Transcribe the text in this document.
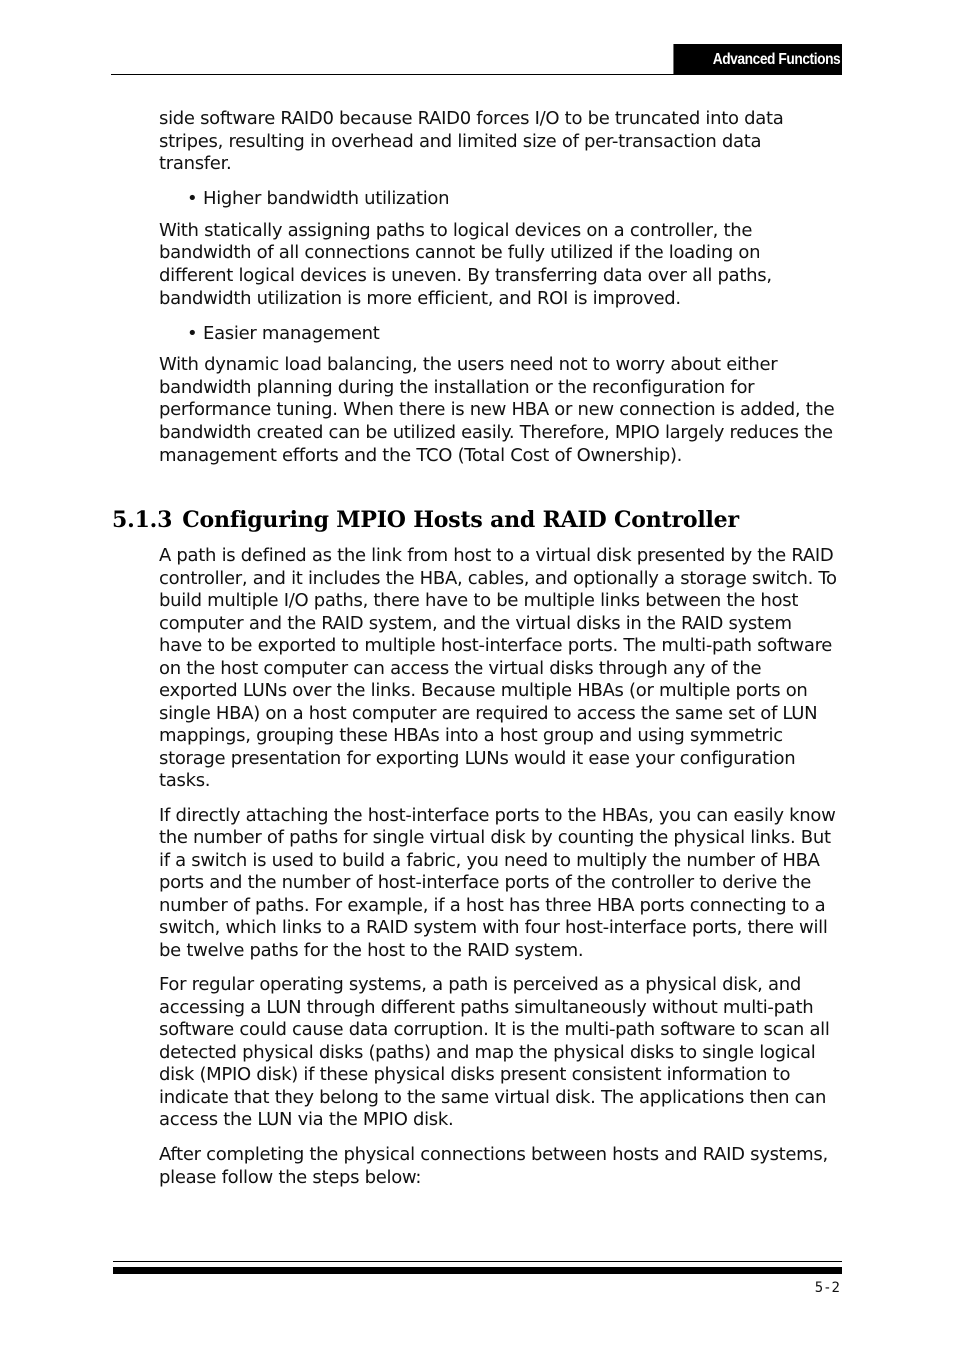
Advanced Functions

side software RAID0 because RAID0 forces I/O to be truncated into data stripes, resulting in overhead and limited size of per-transaction data transfer.

• Higher bandwidth utilization

With statically assigning paths to logical devices on a controller, the bandwidth of all connections cannot be fully utilized if the loading on different logical devices is uneven. By transferring data over all paths, bandwidth utilization is more efficient, and ROI is improved.

• Easier management

With dynamic load balancing, the users need not to worry about either bandwidth planning during the installation or the reconfiguration for performance tuning. When there is new HBA or new connection is added, the bandwidth created can be utilized easily. Therefore, MPIO largely reduces the management efforts and the TCO (Total Cost of Ownership).

5.1.3 Configuring MPIO Hosts and RAID Controller

A path is defined as the link from host to a virtual disk presented by the RAID controller, and it includes the HBA, cables, and optionally a storage switch. To build multiple I/O paths, there have to be multiple links between the host computer and the RAID system, and the virtual disks in the RAID system have to be exported to multiple host-interface ports. The multi-path software on the host computer can access the virtual disks through any of the exported LUNs over the links. Because multiple HBAs (or multiple ports on single HBA) on a host computer are required to access the same set of LUN mappings, grouping these HBAs into a host group and using symmetric storage presentation for exporting LUNs would it ease your configuration tasks.

If directly attaching the host-interface ports to the HBAs, you can easily know the number of paths for single virtual disk by counting the physical links. But if a switch is used to build a fabric, you need to multiply the number of HBA ports and the number of host-interface ports of the controller to derive the number of paths. For example, if a host has three HBA ports connecting to a switch, which links to a RAID system with four host-interface ports, there will be twelve paths for the host to the RAID system.

For regular operating systems, a path is perceived as a physical disk, and accessing a LUN through different paths simultaneously without multi-path software could cause data corruption. It is the multi-path software to scan all detected physical disks (paths) and map the physical disks to single logical disk (MPIO disk) if these physical disks present consistent information to indicate that they belong to the same virtual disk. The applications then can access the LUN via the MPIO disk.

After completing the physical connections between hosts and RAID systems, please follow the steps below:

5-2
